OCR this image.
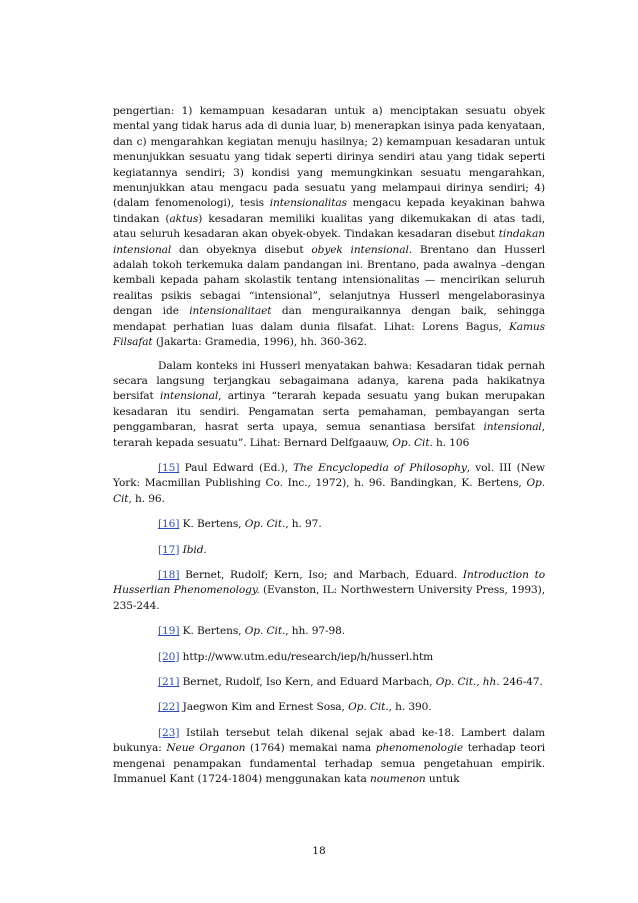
pengertian: 1) kemampuan kesadaran untuk a) menciptakan sesuatu obyek mental yang tidak harus ada di dunia luar, b) menerapkan isinya pada kenyataan, dan c) mengarahkan kegiatan menuju hasilnya; 2) kemampuan kesadaran untuk menunjukkan sesuatu yang tidak seperti dirinya sendiri atau yang tidak seperti kegiatannya sendiri; 3) kondisi yang memungkinkan sesuatu mengarahkan, menunjukkan atau mengacu pada sesuatu yang melampaui dirinya sendiri; 4) (dalam fenomenologi), tesis intensionalitas mengacu kepada keyakinan bahwa tindakan (aktus) kesadaran memiliki kualitas yang dikemukakan di atas tadi, atau seluruh kesadaran akan obyek-obyek. Tindakan kesadaran disebut tindakan intensional dan obyeknya disebut obyek intensional. Brentano dan Husserl adalah tokoh terkemuka dalam pandangan ini. Brentano, pada awalnya –dengan kembali kepada paham skolastik tentang intensionalitas — mencirikan seluruh realitas psikis sebagai “intensional”, selanjutnya Husserl mengelaborasinya dengan ide intensionalitaet dan menguraikannya dengan baik, sehingga mendapat perhatian luas dalam dunia filsafat. Lihat: Lorens Bagus, Kamus Filsafat (Jakarta: Gramedia, 1996), hh. 360-362.

Dalam konteks ini Husserl menyatakan bahwa: Kesadaran tidak pernah secara langsung terjangkau sebagaimana adanya, karena pada hakikatnya bersifat intensional, artinya “terarah kepada sesuatu yang bukan merupakan kesadaran itu sendiri. Pengamatan serta pemahaman, pembayangan serta penggambaran, hasrat serta upaya, semua senantiasa bersifat intensional, terarah kepada sesuatu”. Lihat: Bernard Delfgaauw, Op. Cit. h. 106

[15] Paul Edward (Ed.), The Encyclopedia of Philosophy, vol. III (New York: Macmillan Publishing Co. Inc., 1972), h. 96. Bandingkan, K. Bertens, Op. Cit, h. 96.

[16] K. Bertens, Op. Cit., h. 97.

[17] Ibid.

[18] Bernet, Rudolf; Kern, Iso; and Marbach, Eduard. Introduction to Husserlian Phenomenology. (Evanston, IL: Northwestern University Press, 1993), 235-244.

[19] K. Bertens, Op. Cit., hh. 97-98.

[20] http://www.utm.edu/research/iep/h/husserl.htm

[21] Bernet, Rudolf, Iso Kern, and Eduard Marbach, Op. Cit., hh. 246-47.

[22] Jaegwon Kim and Ernest Sosa, Op. Cit., h. 390.

[23] Istilah tersebut telah dikenal sejak abad ke-18. Lambert dalam bukunya: Neue Organon (1764) memakai nama phenomenologie terhadap teori mengenai penampakan fundamental terhadap semua pengetahuan empirik. Immanuel Kant (1724-1804) menggunakan kata noumenon untuk

18
